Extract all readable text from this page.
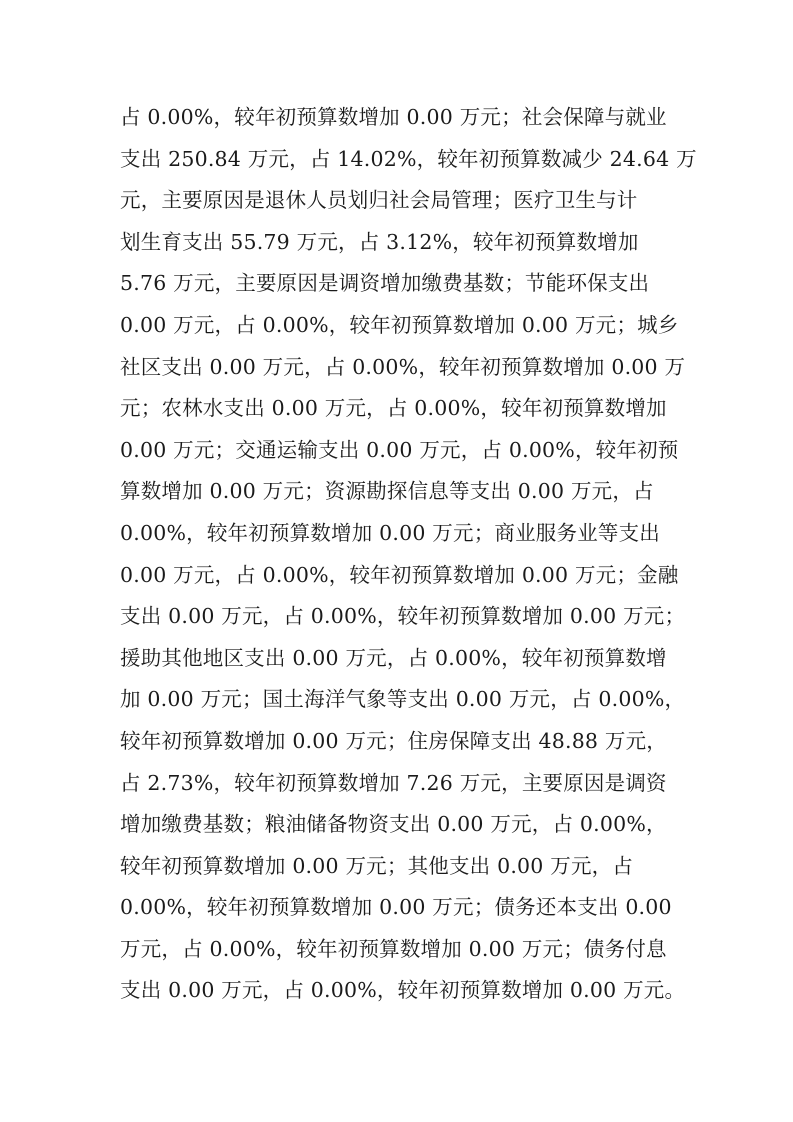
占 0.00%，较年初预算数增加 0.00 万元；社会保障与就业
支出 250.84 万元，占 14.02%，较年初预算数减少 24.64 万
元，主要原因是退休人员划归社会局管理；医疗卫生与计
划生育支出 55.79 万元，占 3.12%，较年初预算数增加
5.76 万元，主要原因是调资增加缴费基数；节能环保支出
0.00 万元，占 0.00%，较年初预算数增加 0.00 万元；城乡
社区支出 0.00 万元，占 0.00%，较年初预算数增加 0.00 万
元；农林水支出 0.00 万元，占 0.00%，较年初预算数增加
0.00 万元；交通运输支出 0.00 万元，占 0.00%，较年初预
算数增加 0.00 万元；资源勘探信息等支出 0.00 万元，占
0.00%，较年初预算数增加 0.00 万元；商业服务业等支出
0.00 万元，占 0.00%，较年初预算数增加 0.00 万元；金融
支出 0.00 万元，占 0.00%，较年初预算数增加 0.00 万元；
援助其他地区支出 0.00 万元，占 0.00%，较年初预算数增
加 0.00 万元；国土海洋气象等支出 0.00 万元，占 0.00%，
较年初预算数增加 0.00 万元；住房保障支出 48.88 万元，
占 2.73%，较年初预算数增加 7.26 万元，主要原因是调资
增加缴费基数；粮油储备物资支出 0.00 万元，占 0.00%，
较年初预算数增加 0.00 万元；其他支出 0.00 万元，占
0.00%，较年初预算数增加 0.00 万元；债务还本支出 0.00
万元，占 0.00%，较年初预算数增加 0.00 万元；债务付息
支出 0.00 万元，占 0.00%，较年初预算数增加 0.00 万元。
